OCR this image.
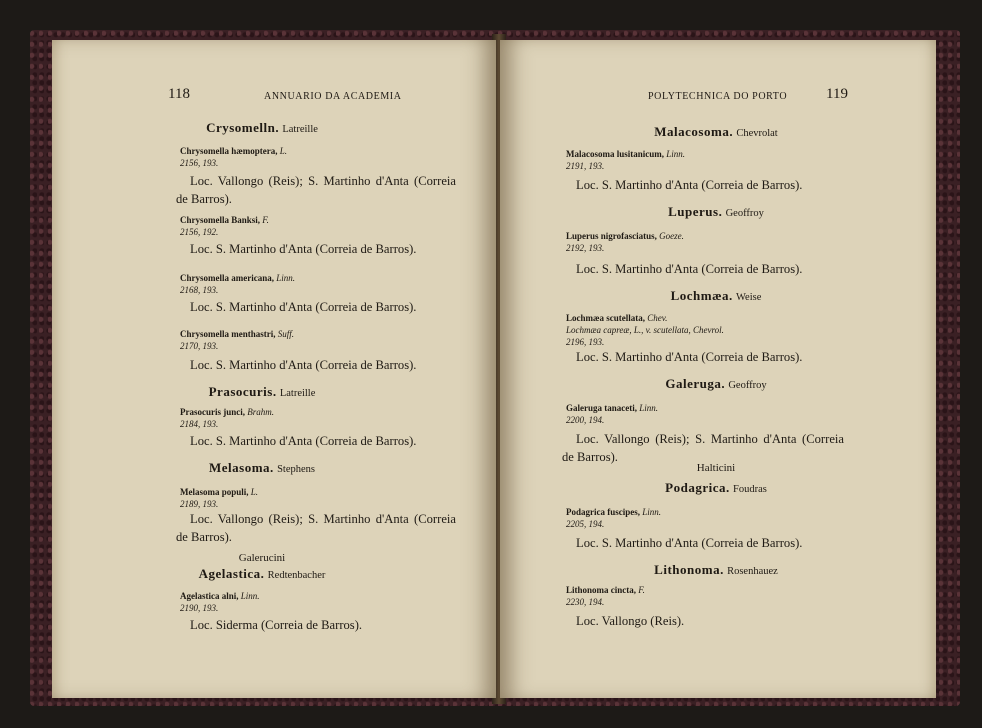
118	ANNUARIO DA ACADEMIA
Crysomelln. Latreille
Chrysomella hæmoptera, L.
2156, 193.
Loc. Vallongo (Reis); S. Martinho d'Anta (Correia de Barros).
Chrysomella Banksi, F.
2156, 192.
Loc. S. Martinho d'Anta (Correia de Barros).
Chrysomella americana, Linn.
2168, 193.
Loc. S. Martinho d'Anta (Correia de Barros).
Chrysomella menthastri, Suff.
2170, 193.
Loc. S. Martinho d'Anta (Correia de Barros).
Prasocuris. Latreille
Prasocuris junci, Brahm.
2184, 193.
Loc. S. Martinho d'Anta (Correia de Barros).
Melasoma. Stephens
Melasoma populi, L.
2189, 193.
Loc. Vallongo (Reis); S. Martinho d'Anta (Correia de Barros).
Galerucini
Agelastica. Redtenbacher
Agelastica alni, Linn.
2190, 193.
Loc. Siderma (Correia de Barros).
POLYTECHNICA DO PORTO	119
Malacosoma. Chevrolat
Malacosoma lusitanicum, Linn.
2191, 193.
Loc. S. Martinho d'Anta (Correia de Barros).
Luperus. Geoffroy
Luperus nigrofasciatus, Goeze.
2192, 193.
Loc. S. Martinho d'Anta (Correia de Barros).
Lochmæa. Weise
Lochmæa scutellata, Chev.
Lochmæa capreæ, L., v. scutellata, Chevrol.
2196, 193.
Loc. S. Martinho d'Anta (Correia de Barros).
Galeruga. Geoffroy
Galeruga tanaceti, Linn.
2200, 194.
Loc. Vallongo (Reis); S. Martinho d'Anta (Correia de Barros).
Halticini
Podagrica. Foudras
Podagrica fuscipes, Linn.
2205, 194.
Loc. S. Martinho d'Anta (Correia de Barros).
Lithonoma. Rosenhauez
Lithonoma cincta, F.
2230, 194.
Loc. Vallongo (Reis).
